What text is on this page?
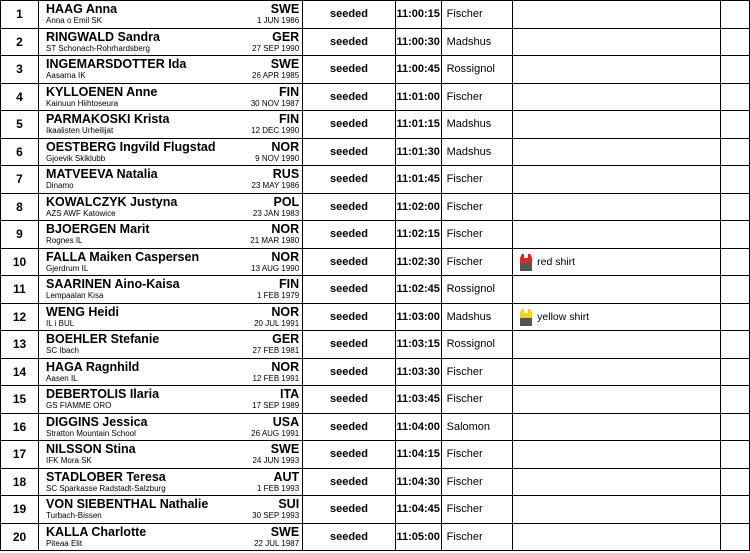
1	HAAG Anna
Anna o Emil SK
SWE
1 JUN 1986	seeded	11:00:15	Fischer		
2	RINGWALD Sandra
ST Schonach-Rohrhardsberg
GER
27 SEP 1990	seeded	11:00:30	Madshus		
3	INGEMARSDOTTER Ida
Aasarna IK
SWE
26 APR 1985	seeded	11:00:45	Rossignol		
4	KYLLOENEN Anne
Kainuun Hiihtoseura
FIN
30 NOV 1987	seeded	11:01:00	Fischer		
5	PARMAKOSKI Krista
Ikaalisten Urheilijat
FIN
12 DEC 1990	seeded	11:01:15	Madshus		
6	OESTBERG Ingvild Flugstad
Gjoevik Skiklubb
NOR
9 NOV 1990	seeded	11:01:30	Madshus		
7	MATVEEVA Natalia
Dinamo
RUS
23 MAY 1986	seeded	11:01:45	Fischer		
8	KOWALCZYK Justyna
AZS AWF Katowice
POL
23 JAN 1983	seeded	11:02:00	Fischer		
9	BJOERGEN Marit
Rognes IL
NOR
21 MAR 1980	seeded	11:02:15	Fischer		
10	FALLA Maiken Caspersen
Gjerdrum IL
NOR
13 AUG 1990	seeded	11:02:30	Fischer	red shirt	
11	SAARINEN Aino-Kaisa
Lempaalan Kisa
FIN
1 FEB 1979	seeded	11:02:45	Rossignol		
12	WENG Heidi
IL i BUL
NOR
20 JUL 1991	seeded	11:03:00	Madshus	yellow shirt	
13	BOEHLER Stefanie
SC Ibach
GER
27 FEB 1981	seeded	11:03:15	Rossignol		
14	HAGA Ragnhild
Aasen IL
NOR
12 FEB 1991	seeded	11:03:30	Fischer		
15	DEBERTOLIS Ilaria
GS FIAMME ORO
ITA
17 SEP 1989	seeded	11:03:45	Fischer		
16	DIGGINS Jessica
Stratton Mountain School
USA
26 AUG 1991	seeded	11:04:00	Salomon		
17	NILSSON Stina
IFK Mora SK
SWE
24 JUN 1993	seeded	11:04:15	Fischer		
18	STADLOBER Teresa
SC Sparkasse Radstadt-Salzburg
AUT
1 FEB 1993	seeded	11:04:30	Fischer		
19	VON SIEBENTHAL Nathalie
Turbach-Bissen
SUI
30 SEP 1993	seeded	11:04:45	Fischer		
20	KALLA Charlotte
Piteaa Elit
SWE
22 JUL 1987	seeded	11:05:00	Fischer		
